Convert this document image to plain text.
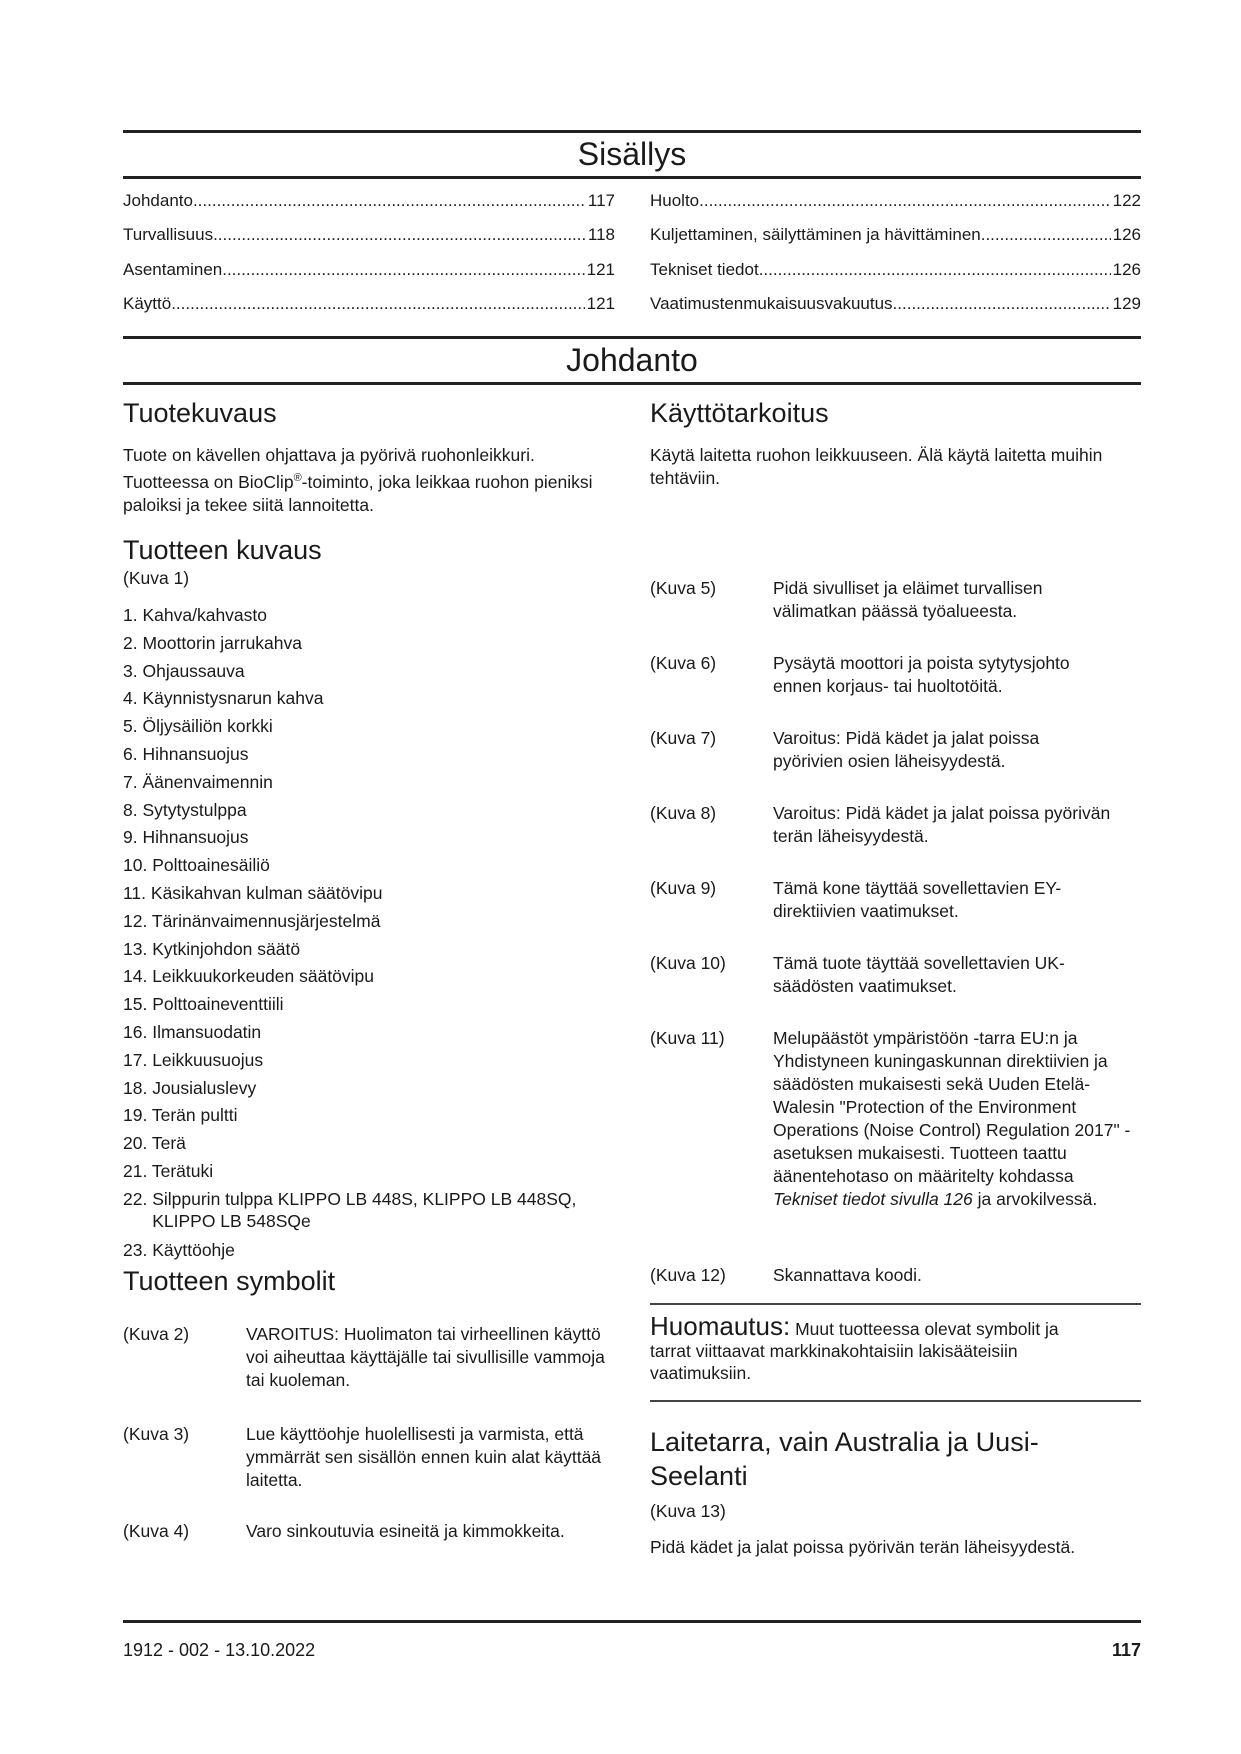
Sisällys
Johdanto .....	117
Turvallisuus .....	118
Asentaminen .....	121
Käyttö .....	121
Huolto .....	122
Kuljettaminen, säilyttäminen ja hävittäminen .....	126
Tekniset tiedot .....	126
Vaatimustenmukaisuusvakuutus .....	129
Johdanto
Tuotekuvaus
Tuote on kävellen ohjattava ja pyörivä ruohonleikkuri. Tuotteessa on BioClip®-toiminto, joka leikkaa ruohon pieniksi paloiksi ja tekee siitä lannoitetta.
Tuotteen kuvaus
(Kuva 1)
1. Kahva/kahvasto
2. Moottorin jarrukahva
3. Ohjaussauva
4. Käynnistysnarun kahva
5. Öljysäiliön korkki
6. Hihnansuojus
7. Äänenvaimennin
8. Sytytystulppa
9. Hihnansuojus
10. Polttoainesäiliö
11. Käsikahvan kulman säätövipu
12. Tärinänvaimennusjärjestelmä
13. Kytkinjohdon säätö
14. Leikkuukorkeuden säätövipu
15. Polttoaineventtiili
16. Ilmansuodatin
17. Leikkuusuojus
18. Jousialuslevy
19. Terän pultti
20. Terä
21. Terätuki
22. Silppurin tulppa KLIPPO LB 448S, KLIPPO LB 448SQ, KLIPPO LB 548SQe
23. Käyttöohje
Tuotteen symbolit
(Kuva 2)	VAROITUS: Huolimaton tai virheellinen käyttö voi aiheuttaa käyttäjälle tai sivullisille vammoja tai kuoleman.
(Kuva 3)	Lue käyttöohje huolellisesti ja varmista, että ymmärrät sen sisällön ennen kuin alat käyttää laitetta.
(Kuva 4)	Varo sinkoutuvia esineitä ja kimmokkeita.
Käyttötarkoitus
Käytä laitetta ruohon leikkuuseen. Älä käytä laitetta muihin tehtäviin.
(Kuva 5)	Pidä sivulliset ja eläimet turvallisen välimatkan päässä työalueesta.
(Kuva 6)	Pysäytä moottori ja poista sytytysjohto ennen korjaus- tai huoltotöitä.
(Kuva 7)	Varoitus: Pidä kädet ja jalat poissa pyörivien osien läheisyydestä.
(Kuva 8)	Varoitus: Pidä kädet ja jalat poissa pyörivän terän läheisyydestä.
(Kuva 9)	Tämä kone täyttää sovellettavien EY-direktiivien vaatimukset.
(Kuva 10)	Tämä tuote täyttää sovellettavien UK-säädösten vaatimukset.
(Kuva 11)	Melupäästöt ympäristöön -tarra EU:n ja Yhdistyneen kuningaskunnan direktiivien ja säädösten mukaisesti sekä Uuden Etelä-Walesin "Protection of the Environment Operations (Noise Control) Regulation 2017" -asetuksen mukaisesti. Tuotteen taattu äänentehotaso on määritelty kohdassa Tekniset tiedot sivulla 126 ja arvokilvessä.
(Kuva 12)	Skannattava koodi.
Huomautus: Muut tuotteessa olevat symbolit ja tarrat viittaavat markkinakohtaisiin lakisääteisiin vaatimuksiin.
Laitetarra, vain Australia ja Uusi-Seelanti
(Kuva 13)
Pidä kädet ja jalat poissa pyörivän terän läheisyydestä.
1912 - 002 - 13.10.2022	117
